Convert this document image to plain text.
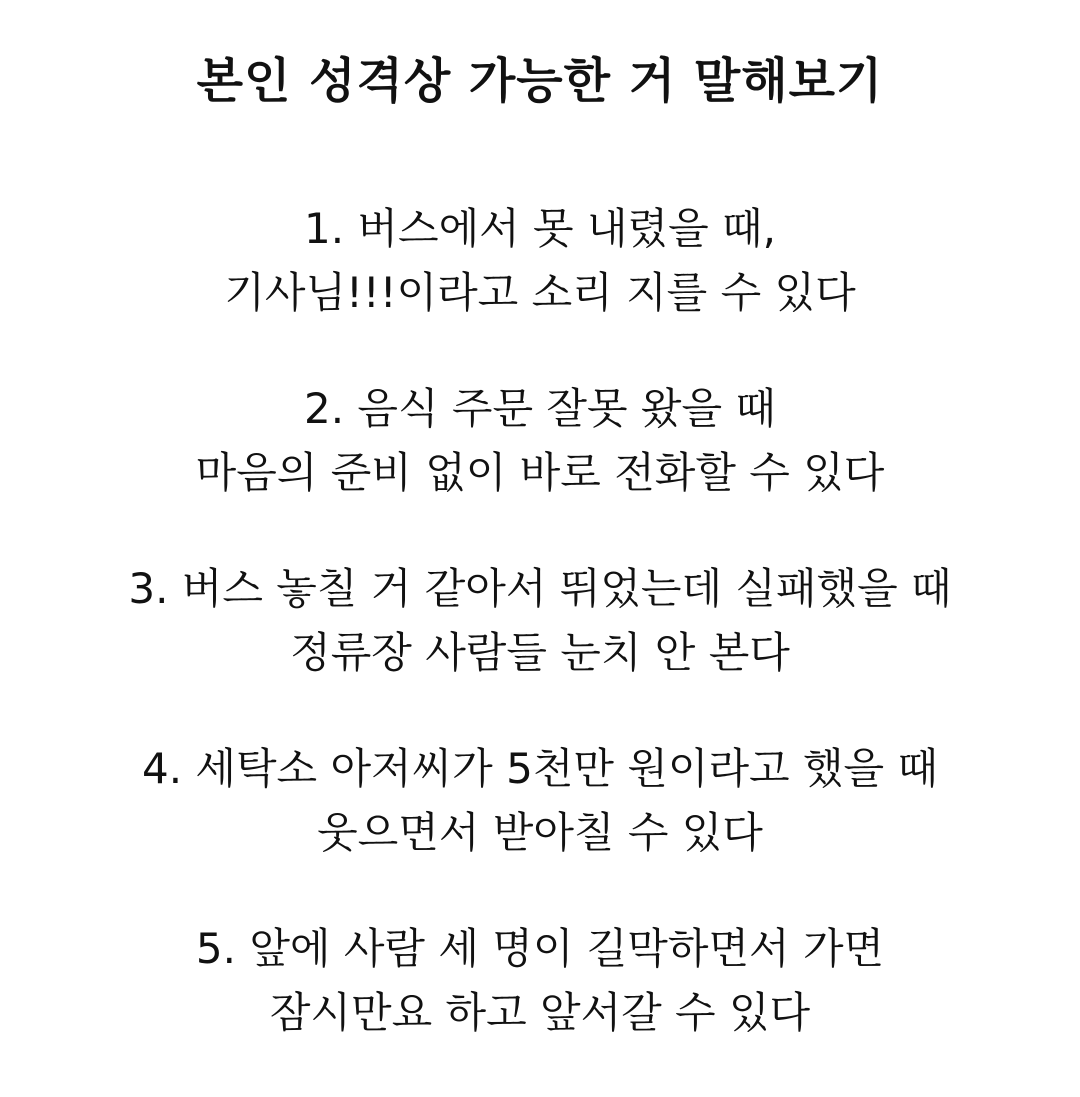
본인 성격상 가능한 거 말해보기
1. 버스에서 못 내렸을 때,
기사님!!!이라고 소리 지를 수 있다
2. 음식 주문 잘못 왔을 때
마음의 준비 없이 바로 전화할 수 있다
3. 버스 놓칠 거 같아서 뛰었는데 실패했을 때
정류장 사람들 눈치 안 본다
4. 세탁소 아저씨가 5천만 원이라고 했을 때
웃으면서 받아칠 수 있다
5. 앞에 사람 세 명이 길막하면서 가면
잠시만요 하고 앞서갈 수 있다
